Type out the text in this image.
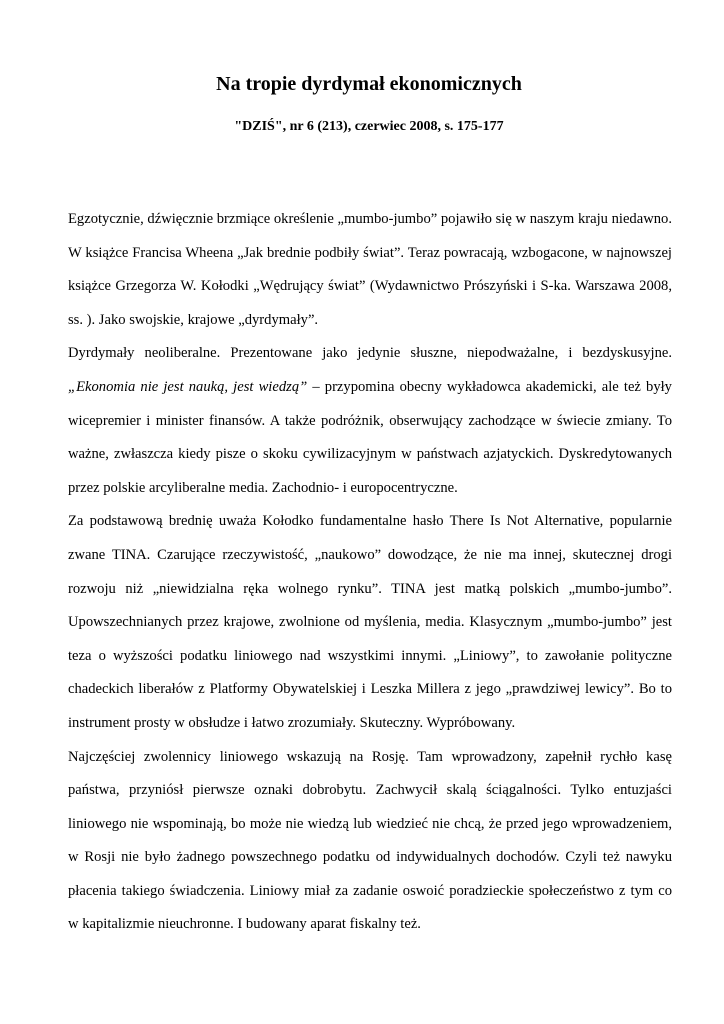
Na tropie dyrdymał ekonomicznych
"DZIŚ", nr 6 (213), czerwiec 2008, s. 175-177

Egzotycznie, dźwięcznie brzmiące określenie „mumbo-jumbo” pojawiło się w naszym kraju niedawno.
W książce Francisa Wheena „Jak brednie podbiły świat”. Teraz powracają, wzbogacone, w najnowszej
książce Grzegorza W. Kołodki „Wędrujący świat” (Wydawnictwo Prószyński i S-ka. Warszawa 2008,
ss. ). Jako swojskie, krajowe „dyrdymały”.

Dyrdymały neoliberalne. Prezentowane jako jedynie słuszne, niepodważalne, i bezdyskusyjne.
„Ekonomia nie jest nauką, jest wiedzą” – przypomina obecny wykładowca akademicki, ale też były
wicepremier i minister finansów. A także podróżnik, obserwujący zachodzące w świecie zmiany. To
ważne, zwłaszcza kiedy pisze o skoku cywilizacyjnym w państwach azjatyckich. Dyskredytowanych
przez polskie arcyliberalne media. Zachodnio- i europocentryczne.

Za podstawową brednię uważa Kołodko fundamentalne hasło There Is Not Alternative, popularnie
zwane TINA. Czarujące rzeczywistość, „naukowo” dowodzące, że nie ma innej, skutecznej drogi
rozwoju niż „niewidzialna ręka wolnego rynku”. TINA jest matką polskich „mumbo-jumbo”.
Upowszechnianych przez krajowe, zwolnione od myślenia, media. Klasycznym „mumbo-jumbo” jest
teza o wyższości podatku liniowego nad wszystkimi innymi. „Liniowy”, to zawołanie polityczne
chadeckich liberałów z Platformy Obywatelskiej i Leszka Millera z jego „prawdziwej lewicy”. Bo to
instrument prosty w obsłudze i łatwo zrozumiały. Skuteczny. Wypróbowany.

Najczęściej zwolennicy liniowego wskazują na Rosję. Tam wprowadzony, zapełnił rychło kasę
państwa, przyniósł pierwsze oznaki dobrobytu. Zachwycił skalą ściągalności. Tylko entuzjaści
liniowego nie wspominają, bo może nie wiedzą lub wiedzieć nie chcą, że przed jego wprowadzeniem,
w Rosji nie było żadnego powszechnego podatku od indywidualnych dochodów. Czyli też nawyku
płacenia takiego świadczenia. Liniowy miał za zadanie oswoić poradzieckie społeczeństwo z tym co
w kapitalizmie nieuchronne. I budowany aparat fiskalny też.
